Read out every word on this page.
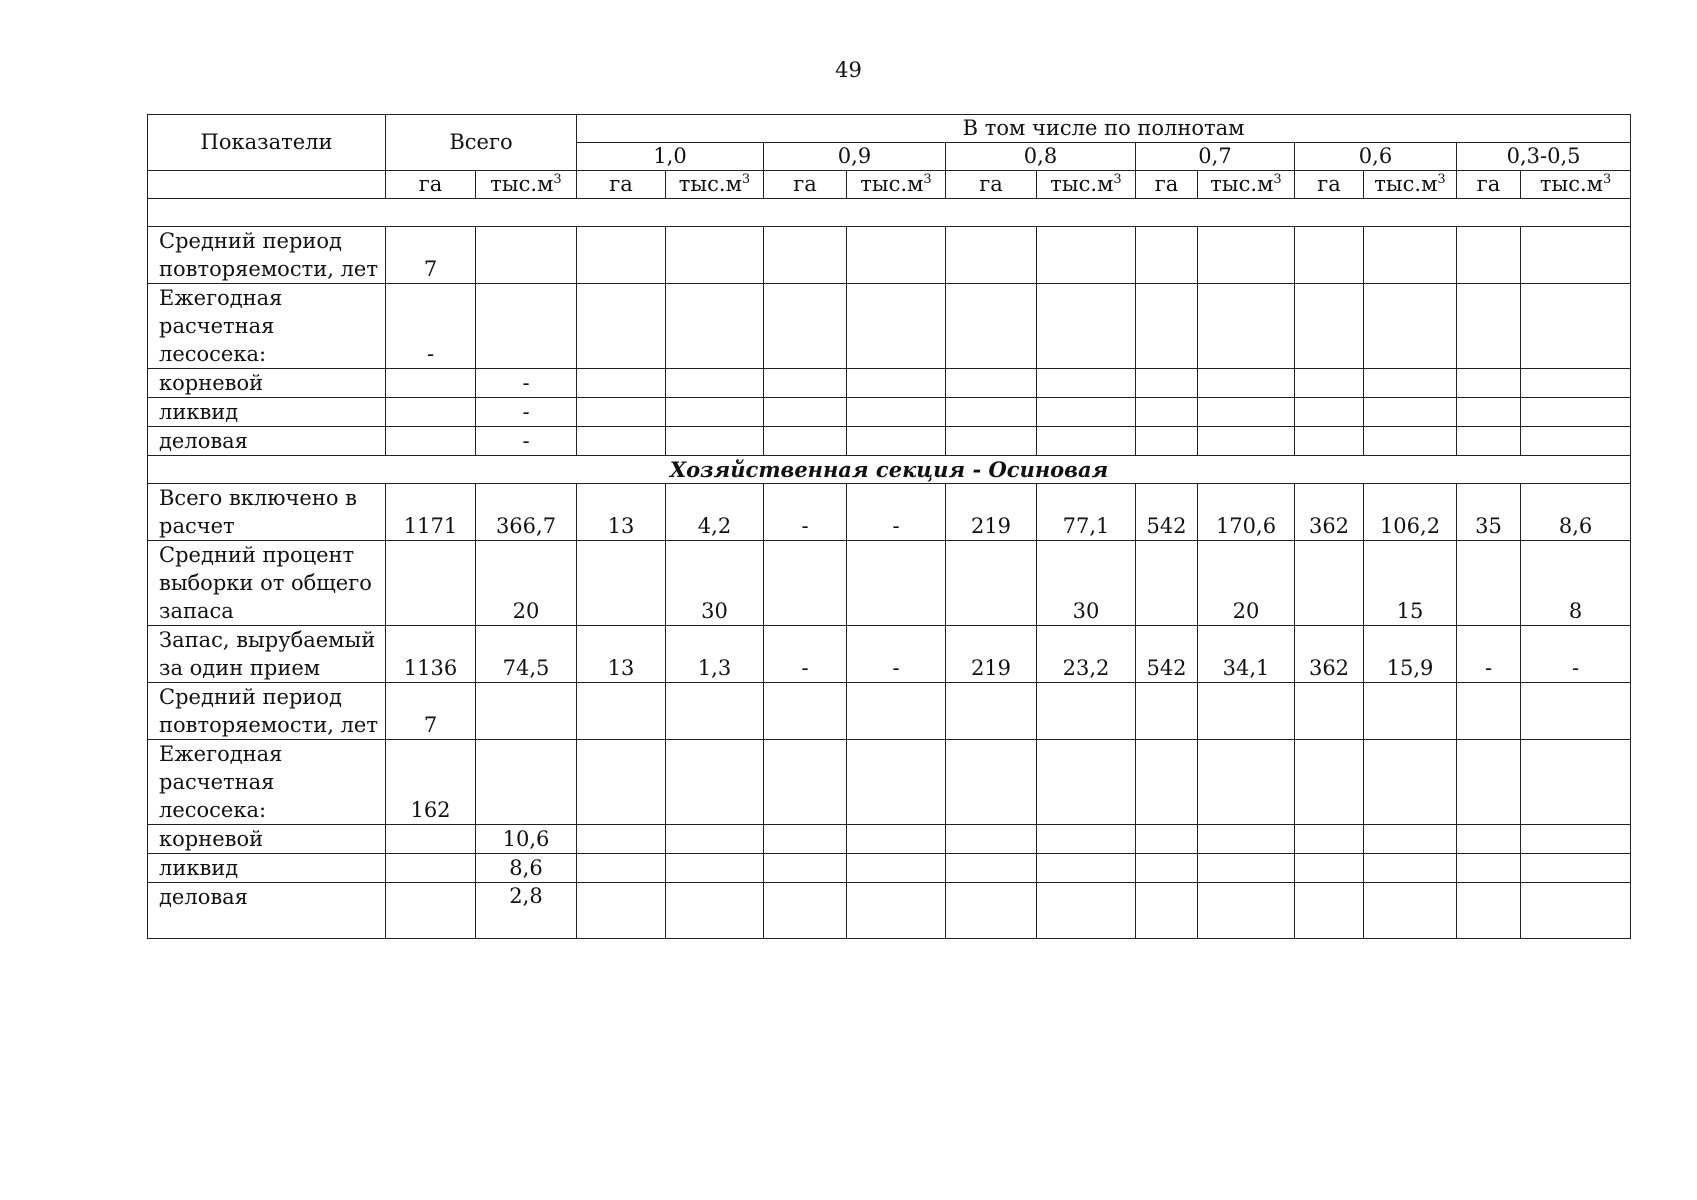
49
Показатели	Всего		В том числе по полнотам											
			1,0		0,9		0,8		0,7		0,6		0,3-0,5	
	га	$тыс.м^3$	га	$тыс.м^3$	га	$тыс.м^3$	га	$тыс.м^3$	га	$тыс.м^3$	га	$тыс.м^3$	га	$тыс.м^3$

Средний период повторяемости, лет	7													
Ежегодная расчетная лесосека:	-													
корневой		-												
ликвид		-												
деловая		-												
Хозяйственная секция - Осиновая														
Всего включено в расчет	1171	366,7	13	4,2	-	-	219	77,1	542	170,6	362	106,2	35	8,6
Средний процент выборки от общего запаса		20		30				30		20		15		8
Запас, вырубаемый за один прием	1136	74,5	13	1,3	-	-	219	23,2	542	34,1	362	15,9	-	-
Средний период повторяемости, лет	7													
Ежегодная расчетная лесосека:	162													
корневой		10,6												
ликвид		8,6												
деловая		2,8												
